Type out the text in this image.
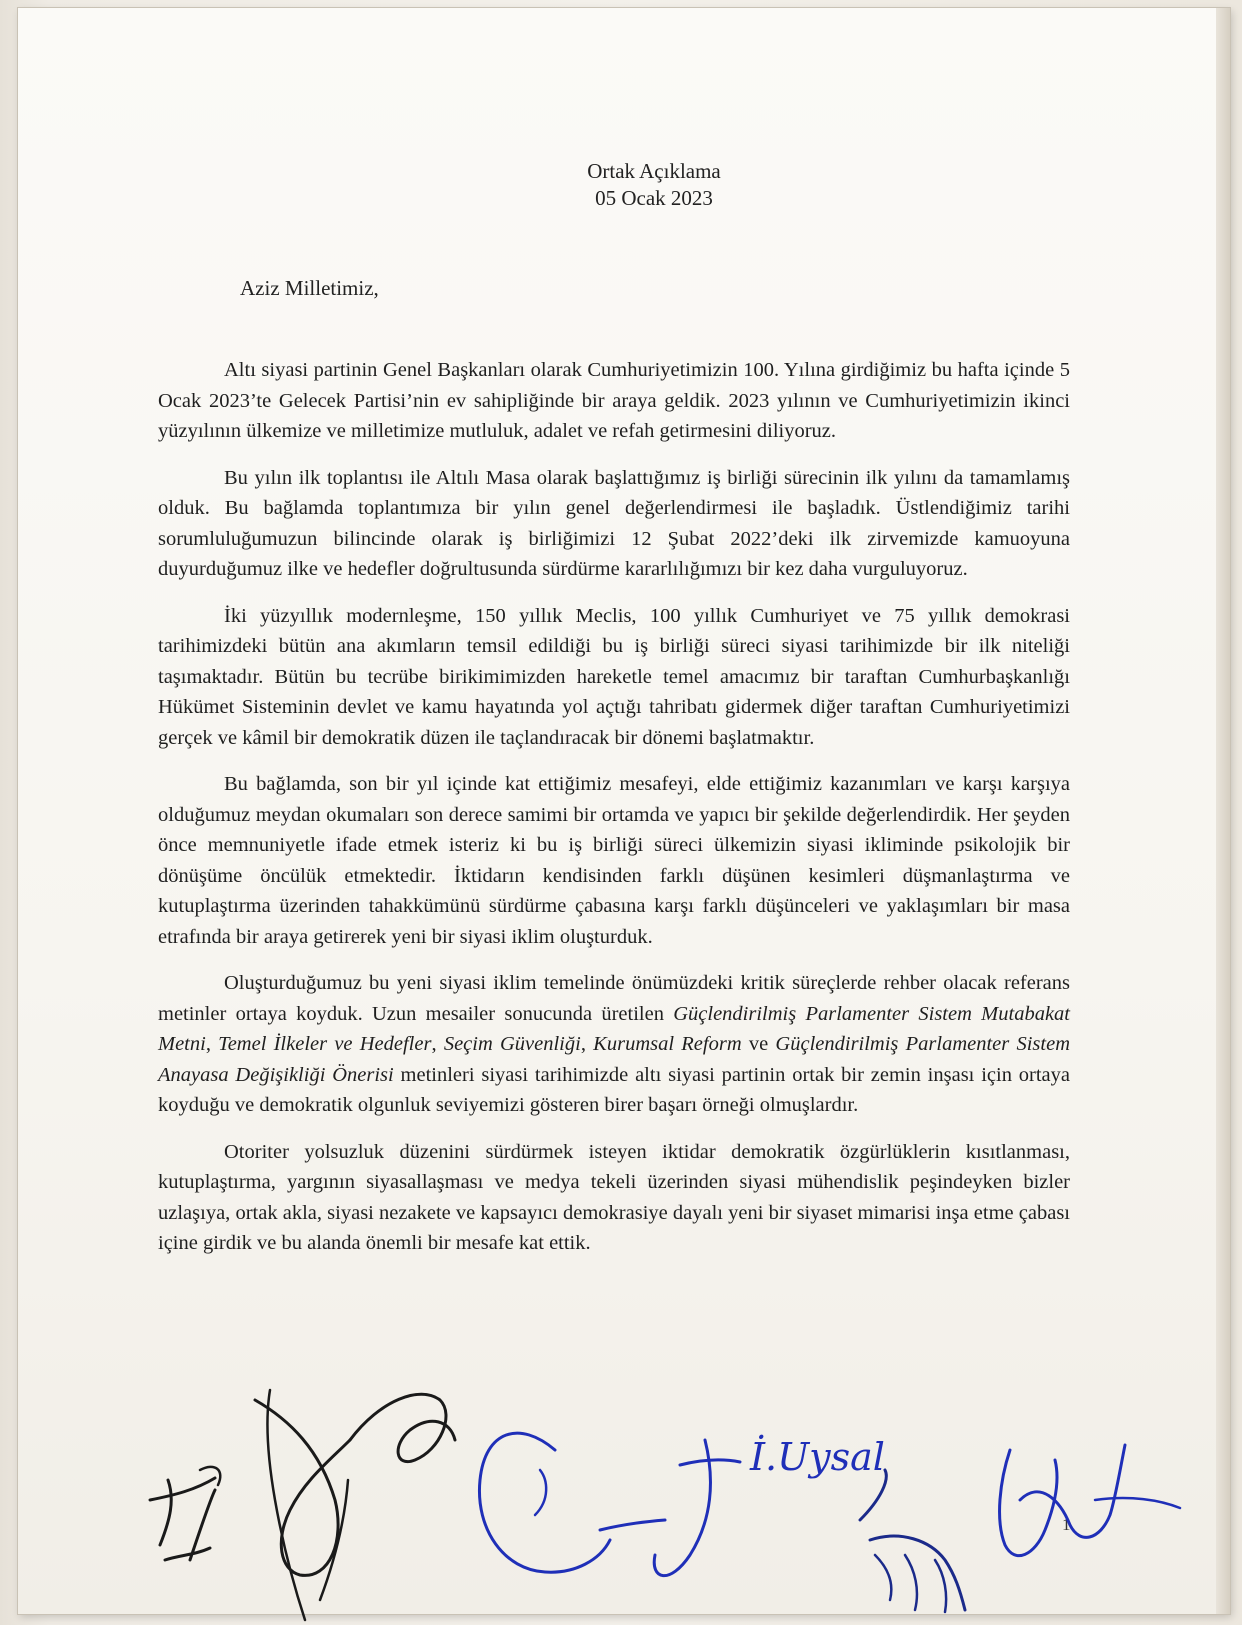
Ortak Açıklama
05 Ocak 2023
Aziz Milletimiz,

Altı siyasi partinin Genel Başkanları olarak Cumhuriyetimizin 100. Yılına girdiğimiz bu hafta içinde 5 Ocak 2023’te Gelecek Partisi’nin ev sahipliğinde bir araya geldik. 2023 yılının ve Cumhuriyetimizin ikinci yüzyılının ülkemize ve milletimize mutluluk, adalet ve refah getirmesini diliyoruz.

Bu yılın ilk toplantısı ile Altılı Masa olarak başlattığımız iş birliği sürecinin ilk yılını da tamamlamış olduk. Bu bağlamda toplantımıza bir yılın genel değerlendirmesi ile başladık. Üstlendiğimiz tarihi sorumluluğumuzun bilincinde olarak iş birliğimizi 12 Şubat 2022’deki ilk zirvemizde kamuoyuna duyurduğumuz ilke ve hedefler doğrultusunda sürdürme kararlılığımızı bir kez daha vurguluyoruz.

İki yüzyıllık modernleşme, 150 yıllık Meclis, 100 yıllık Cumhuriyet ve 75 yıllık demokrasi tarihimizdeki bütün ana akımların temsil edildiği bu iş birliği süreci siyasi tarihimizde bir ilk niteliği taşımaktadır. Bütün bu tecrübe birikimimizden hareketle temel amacımız bir taraftan Cumhurbaşkanlığı Hükümet Sisteminin devlet ve kamu hayatında yol açtığı tahribatı gidermek diğer taraftan Cumhuriyetimizi gerçek ve kâmil bir demokratik düzen ile taçlandıracak bir dönemi başlatmaktır.

Bu bağlamda, son bir yıl içinde kat ettiğimiz mesafeyi, elde ettiğimiz kazanımları ve karşı karşıya olduğumuz meydan okumaları son derece samimi bir ortamda ve yapıcı bir şekilde değerlendirdik. Her şeyden önce memnuniyetle ifade etmek isteriz ki bu iş birliği süreci ülkemizin siyasi ikliminde psikolojik bir dönüşüme öncülük etmektedir. İktidarın kendisinden farklı düşünen kesimleri düşmanlaştırma ve kutuplaştırma üzerinden tahakkümünü sürdürme çabasına karşı farklı düşünceleri ve yaklaşımları bir masa etrafında bir araya getirerek yeni bir siyasi iklim oluşturduk.

Oluşturduğumuz bu yeni siyasi iklim temelinde önümüzdeki kritik süreçlerde rehber olacak referans metinler ortaya koyduk. Uzun mesailer sonucunda üretilen Güçlendirilmiş Parlamenter Sistem Mutabakat Metni, Temel İlkeler ve Hedefler, Seçim Güvenliği, Kurumsal Reform ve Güçlendirilmiş Parlamenter Sistem Anayasa Değişikliği Önerisi metinleri siyasi tarihimizde altı siyasi partinin ortak bir zemin inşası için ortaya koyduğu ve demokratik olgunluk seviyemizi gösteren birer başarı örneği olmuşlardır.

Otoriter yolsuzluk düzenini sürdürmek isteyen iktidar demokratik özgürlüklerin kısıtlanması, kutuplaştırma, yargının siyasallaşması ve medya tekeli üzerinden siyasi mühendislik peşindeyken bizler uzlaşıya, ortak akla, siyasi nezakete ve kapsayıcı demokrasiye dayalı yeni bir siyaset mimarisi inşa etme çabası içine girdik ve bu alanda önemli bir mesafe kat ettik.

1
İ.Uysal
